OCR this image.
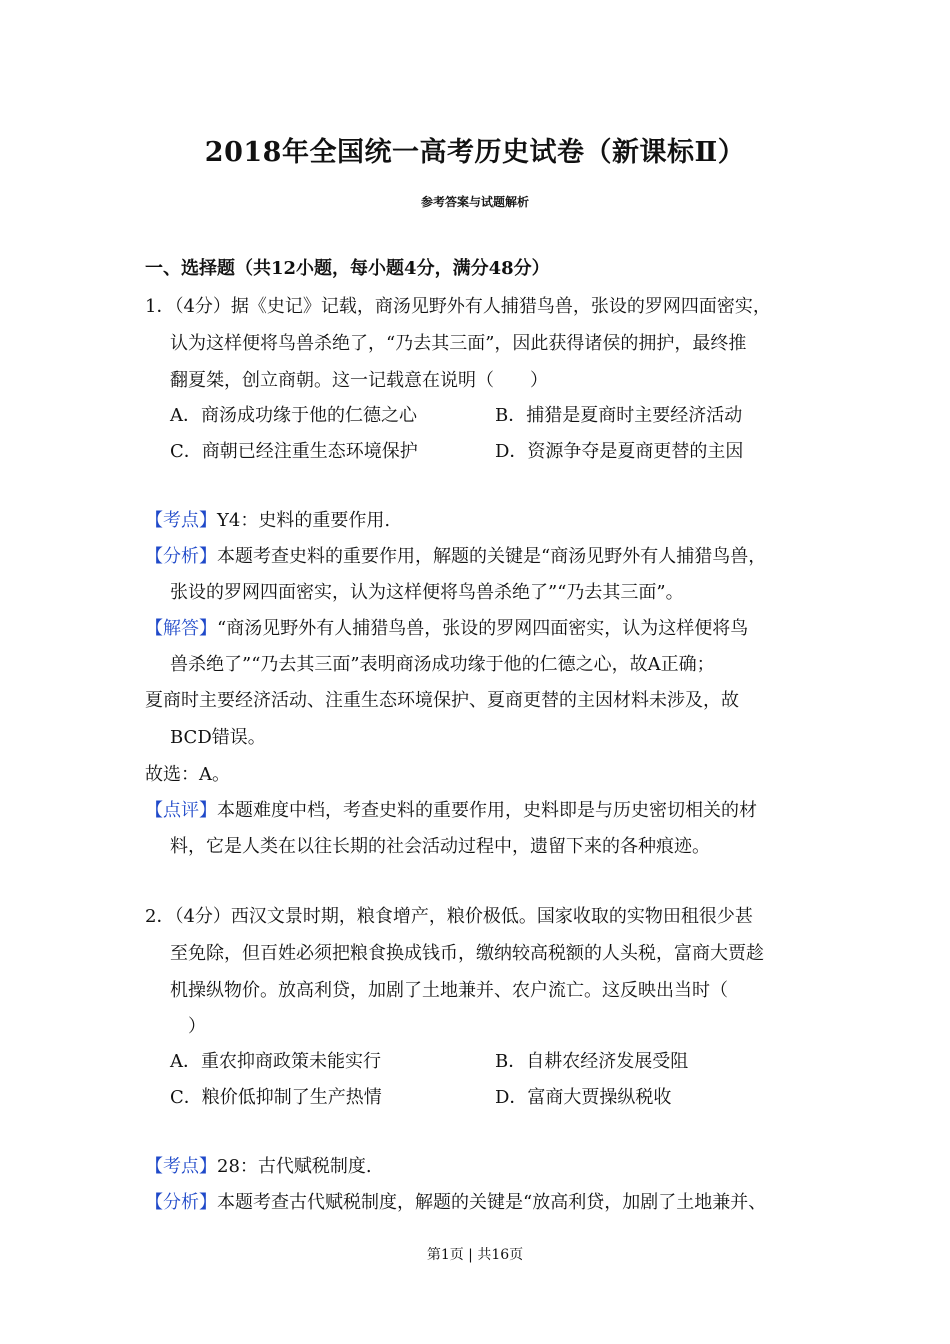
2018年全国统一高考历史试卷（新课标Ⅱ）
参考答案与试题解析
一、选择题（共12小题，每小题4分，满分48分）
1．（4分）据《史记》记载，商汤见野外有人捕猎鸟兽，张设的罗网四面密实，
认为这样便将鸟兽杀绝了，“乃去其三面”，因此获得诸侯的拥护，最终推
翻夏桀，创立商朝。这一记载意在说明（　　）
A．商汤成功缘于他的仁德之心	B．捕猎是夏商时主要经济活动
C．商朝已经注重生态环境保护	D．资源争夺是夏商更替的主因
【考点】Y4：史料的重要作用.
【分析】本题考查史料的重要作用，解题的关键是“商汤见野外有人捕猎鸟兽，
张设的罗网四面密实，认为这样便将鸟兽杀绝了”“乃去其三面”。
【解答】“商汤见野外有人捕猎鸟兽，张设的罗网四面密实，认为这样便将鸟
兽杀绝了”“乃去其三面”表明商汤成功缘于他的仁德之心，故A正确；
夏商时主要经济活动、注重生态环境保护、夏商更替的主因材料未涉及，故
BCD错误。
故选：A。
【点评】本题难度中档，考查史料的重要作用，史料即是与历史密切相关的材
料，它是人类在以往长期的社会活动过程中，遗留下来的各种痕迹。
2．（4分）西汉文景时期，粮食增产，粮价极低。国家收取的实物田租很少甚
至免除，但百姓必须把粮食换成钱币，缴纳较高税额的人头税，富商大贾趁
机操纵物价。放高利贷，加剧了土地兼并、农户流亡。这反映出当时（
）
A．重农抑商政策未能实行	B．自耕农经济发展受阻
C．粮价低抑制了生产热情	D．富商大贾操纵税收
【考点】28：古代赋税制度.
【分析】本题考查古代赋税制度，解题的关键是“放高利贷，加剧了土地兼并、
第1页 | 共16页
